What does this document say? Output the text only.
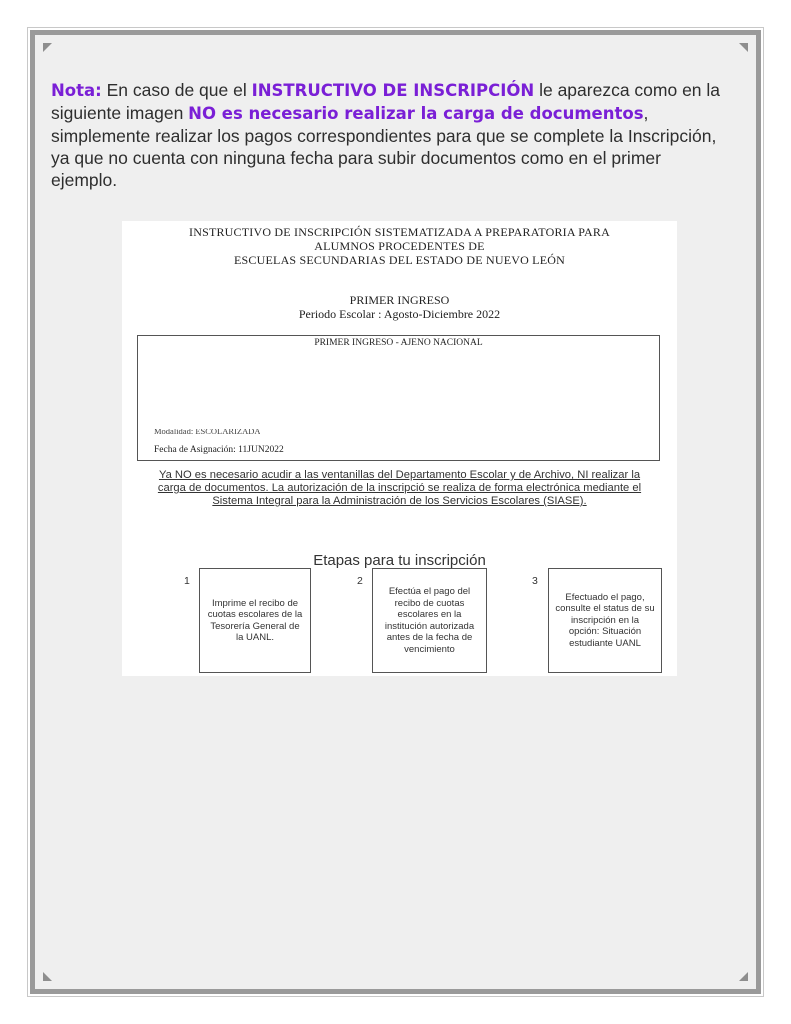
Nota: En caso de que el INSTRUCTIVO DE INSCRIPCIÓN le aparezca como en la siguiente imagen NO es necesario realizar la carga de documentos, simplemente realizar los pagos correspondientes para que se complete la Inscripción, ya que no cuenta con ninguna fecha para subir documentos como en el primer ejemplo.
INSTRUCTIVO DE INSCRIPCIÓN SISTEMATIZADA A PREPARATORIA PARA
ALUMNOS PROCEDENTES DE
ESCUELAS SECUNDARIAS DEL ESTADO DE NUEVO LEÓN
PRIMER INGRESO
Periodo Escolar : Agosto-Diciembre 2022
PRIMER INGRESO - AJENO NACIONAL
Modalidad: ESCOLARIZADA
Fecha de Asignación: 11JUN2022
Ya NO es necesario acudir a las ventanillas del Departamento Escolar y de Archivo, NI realizar la carga de documentos. La autorización de la inscripció se realiza de forma electrónica mediante el Sistema Integral para la Administración de los Servicios Escolares (SIASE).
Etapas para tu inscripción
1
Imprime el recibo de cuotas escolares de la Tesorería General de la UANL.
2
Efectúa el pago del recibo de cuotas escolares en la institución autorizada antes de la fecha de vencimiento
3
Efectuado el pago, consulte el status de su inscripción en la opción: Situación estudiante UANL
